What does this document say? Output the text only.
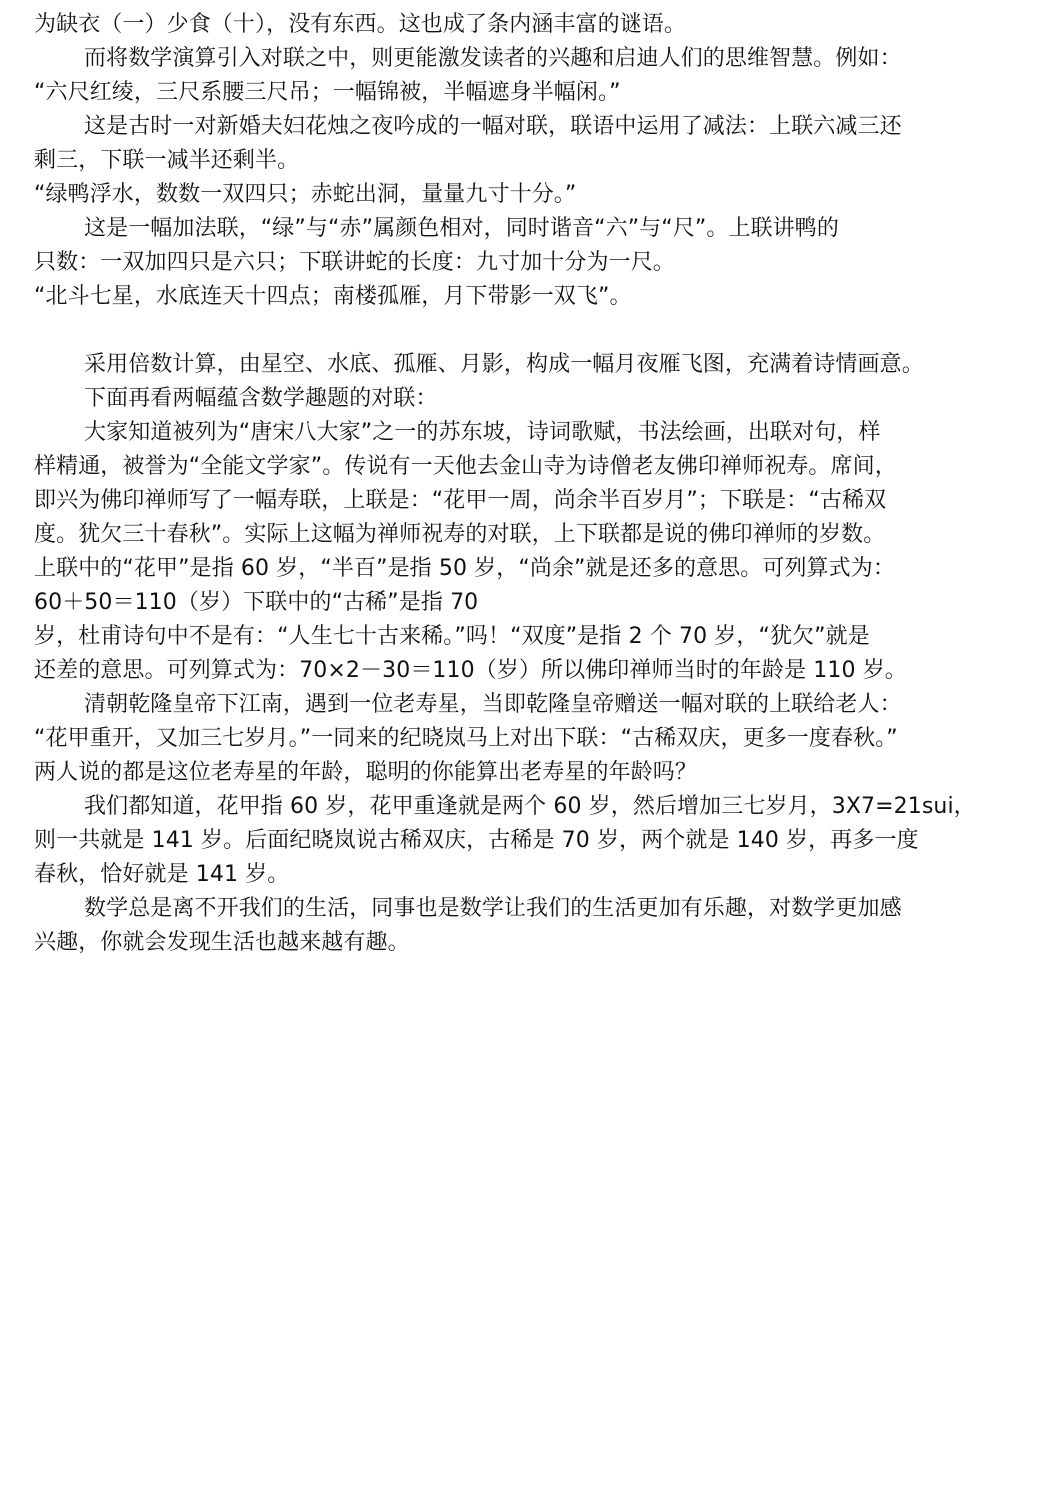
为缺衣（一）少食（十），没有东西。这也成了条内涵丰富的谜语。
而将数学演算引入对联之中，则更能激发读者的兴趣和启迪人们的思维智慧。例如：
“六尺红绫，三尺系腰三尺吊；一幅锦被，半幅遮身半幅闲。”
这是古时一对新婚夫妇花烛之夜吟成的一幅对联，联语中运用了减法：上联六减三还
剩三，下联一减半还剩半。
“绿鸭浮水，数数一双四只；赤蛇出洞，量量九寸十分。”
这是一幅加法联，“绿”与“赤”属颜色相对，同时谐音“六”与“尺”。上联讲鸭的
只数：一双加四只是六只；下联讲蛇的长度：九寸加十分为一尺。
“北斗七星，水底连天十四点；南楼孤雁，月下带影一双飞”。
采用倍数计算，由星空、水底、孤雁、月影，构成一幅月夜雁飞图，充满着诗情画意。
下面再看两幅蕴含数学趣题的对联：
大家知道被列为“唐宋八大家”之一的苏东坡，诗词歌赋，书法绘画，出联对句，样
样精通，被誉为“全能文学家”。传说有一天他去金山寺为诗僧老友佛印禅师祝寿。席间，
即兴为佛印禅师写了一幅寿联，上联是：“花甲一周，尚余半百岁月”；下联是：“古稀双
度。犹欠三十春秋”。实际上这幅为禅师祝寿的对联，上下联都是说的佛印禅师的岁数。
上联中的“花甲”是指 60 岁，“半百”是指 50 岁，“尚余”就是还多的意思。可列算式为：
60＋50＝110（岁）下联中的“古稀”是指 70
岁，杜甫诗句中不是有：“人生七十古来稀。”吗！“双度”是指 2 个 70 岁，“犹欠”就是
还差的意思。可列算式为：70×2－30＝110（岁）所以佛印禅师当时的年龄是 110 岁。
清朝乾隆皇帝下江南，遇到一位老寿星，当即乾隆皇帝赠送一幅对联的上联给老人：
“花甲重开，又加三七岁月。”一同来的纪晓岚马上对出下联：“古稀双庆，更多一度春秋。”
两人说的都是这位老寿星的年龄，聪明的你能算出老寿星的年龄吗？
我们都知道，花甲指 60 岁，花甲重逢就是两个 60 岁，然后增加三七岁月，3X7=21sui，
则一共就是 141 岁。后面纪晓岚说古稀双庆，古稀是 70 岁，两个就是 140 岁，再多一度
春秋，恰好就是 141 岁。
数学总是离不开我们的生活，同事也是数学让我们的生活更加有乐趣，对数学更加感
兴趣，你就会发现生活也越来越有趣。
